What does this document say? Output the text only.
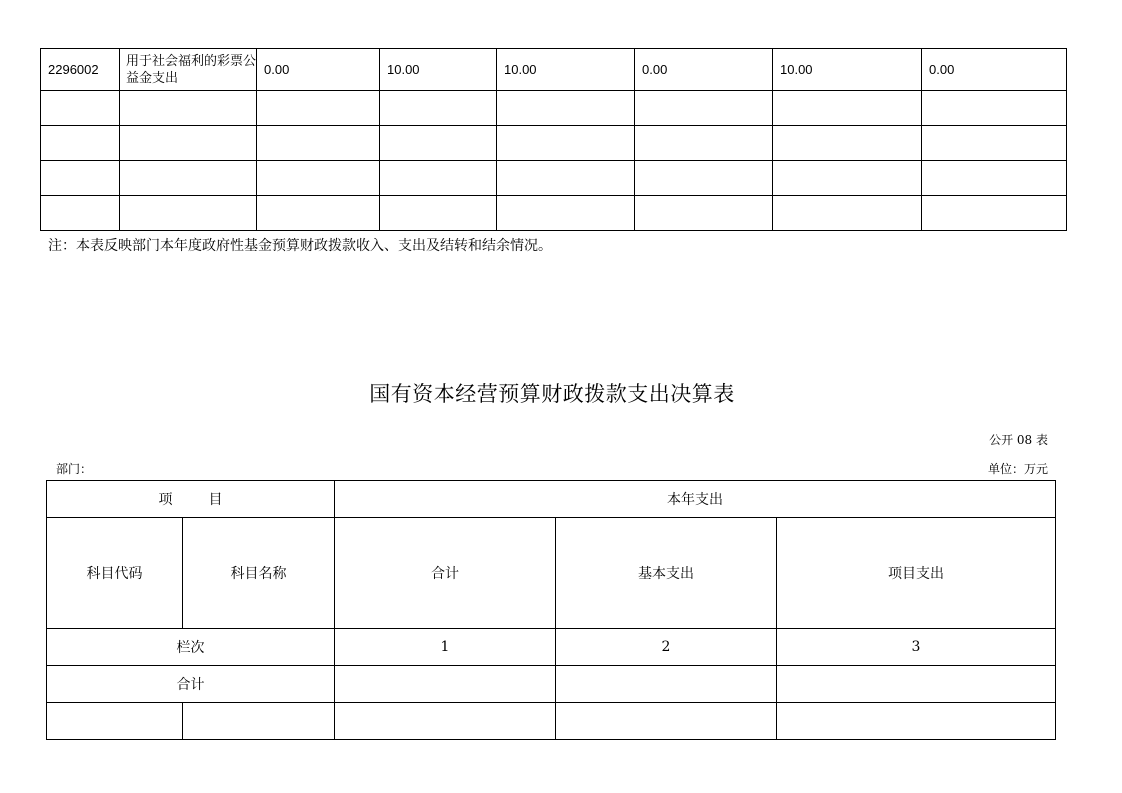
2296002	用于社会福利的彩票公益金支出	0.00	10.00	10.00	0.00	10.00	0.00

注：本表反映部门本年度政府性基金预算财政拨款收入、支出及结转和结余情况。
国有资本经营预算财政拨款支出决算表
公开 08 表
部门：	单位：万元
项目		本年支出		
科目代码	科目名称	合计	基本支出	项目支出
栏次		1	2	3
合计				
